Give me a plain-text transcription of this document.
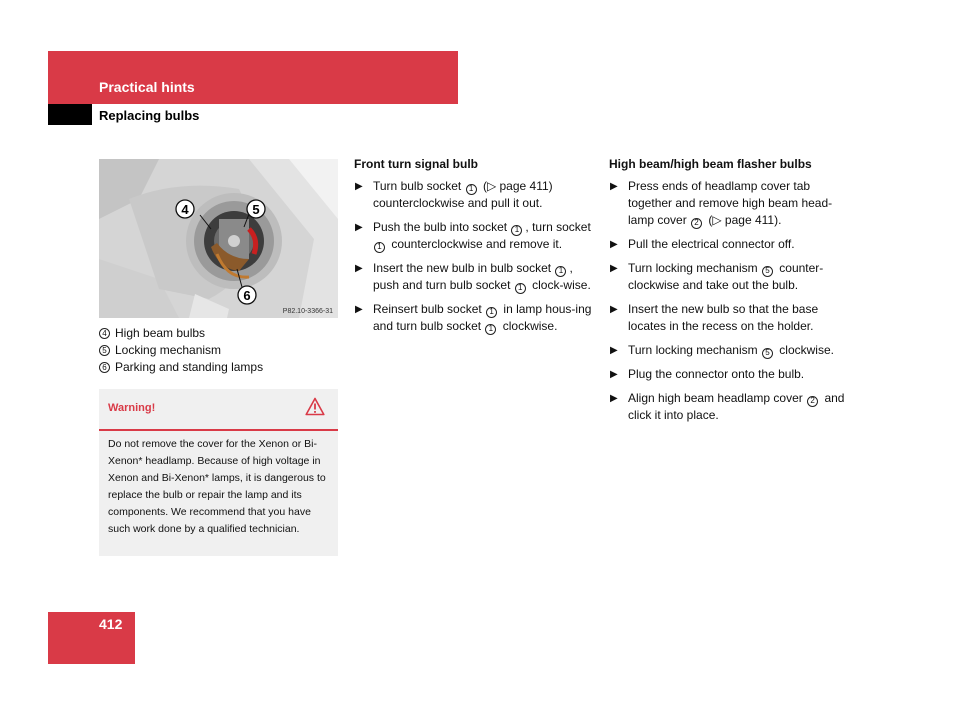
Practical hints
Replacing bulbs
4	5
6
P82.10-3366-31
4 High beam bulbs
5 Locking mechanism
6 Parking and standing lamps
Warning!
Do not remove the cover for the Xenon or Bi-Xenon* headlamp. Because of high voltage in Xenon and Bi-Xenon* lamps, it is dangerous to replace the bulb or repair the lamp and its components. We recommend that you have such work done by a qualified technician.
Front turn signal bulb
▶ Turn bulb socket 1 (▷ page 411) counterclockwise and pull it out.
▶ Push the bulb into socket 1 , turn socket 1 counterclockwise and remove it.
▶ Insert the new bulb in bulb socket 1 , push and turn bulb socket 1 clock-wise.
▶ Reinsert bulb socket 1 in lamp hous-ing and turn bulb socket 1 clockwise.
High beam/high beam flasher bulbs
▶ Press ends of headlamp cover tab together and remove high beam head-lamp cover 2 (▷ page 411).
▶ Pull the electrical connector off.
▶ Turn locking mechanism 5 counter-clockwise and take out the bulb.
▶ Insert the new bulb so that the base locates in the recess on the holder.
▶ Turn locking mechanism 5 clockwise.
▶ Plug the connector onto the bulb.
▶ Align high beam headlamp cover 2 and click it into place.
412
